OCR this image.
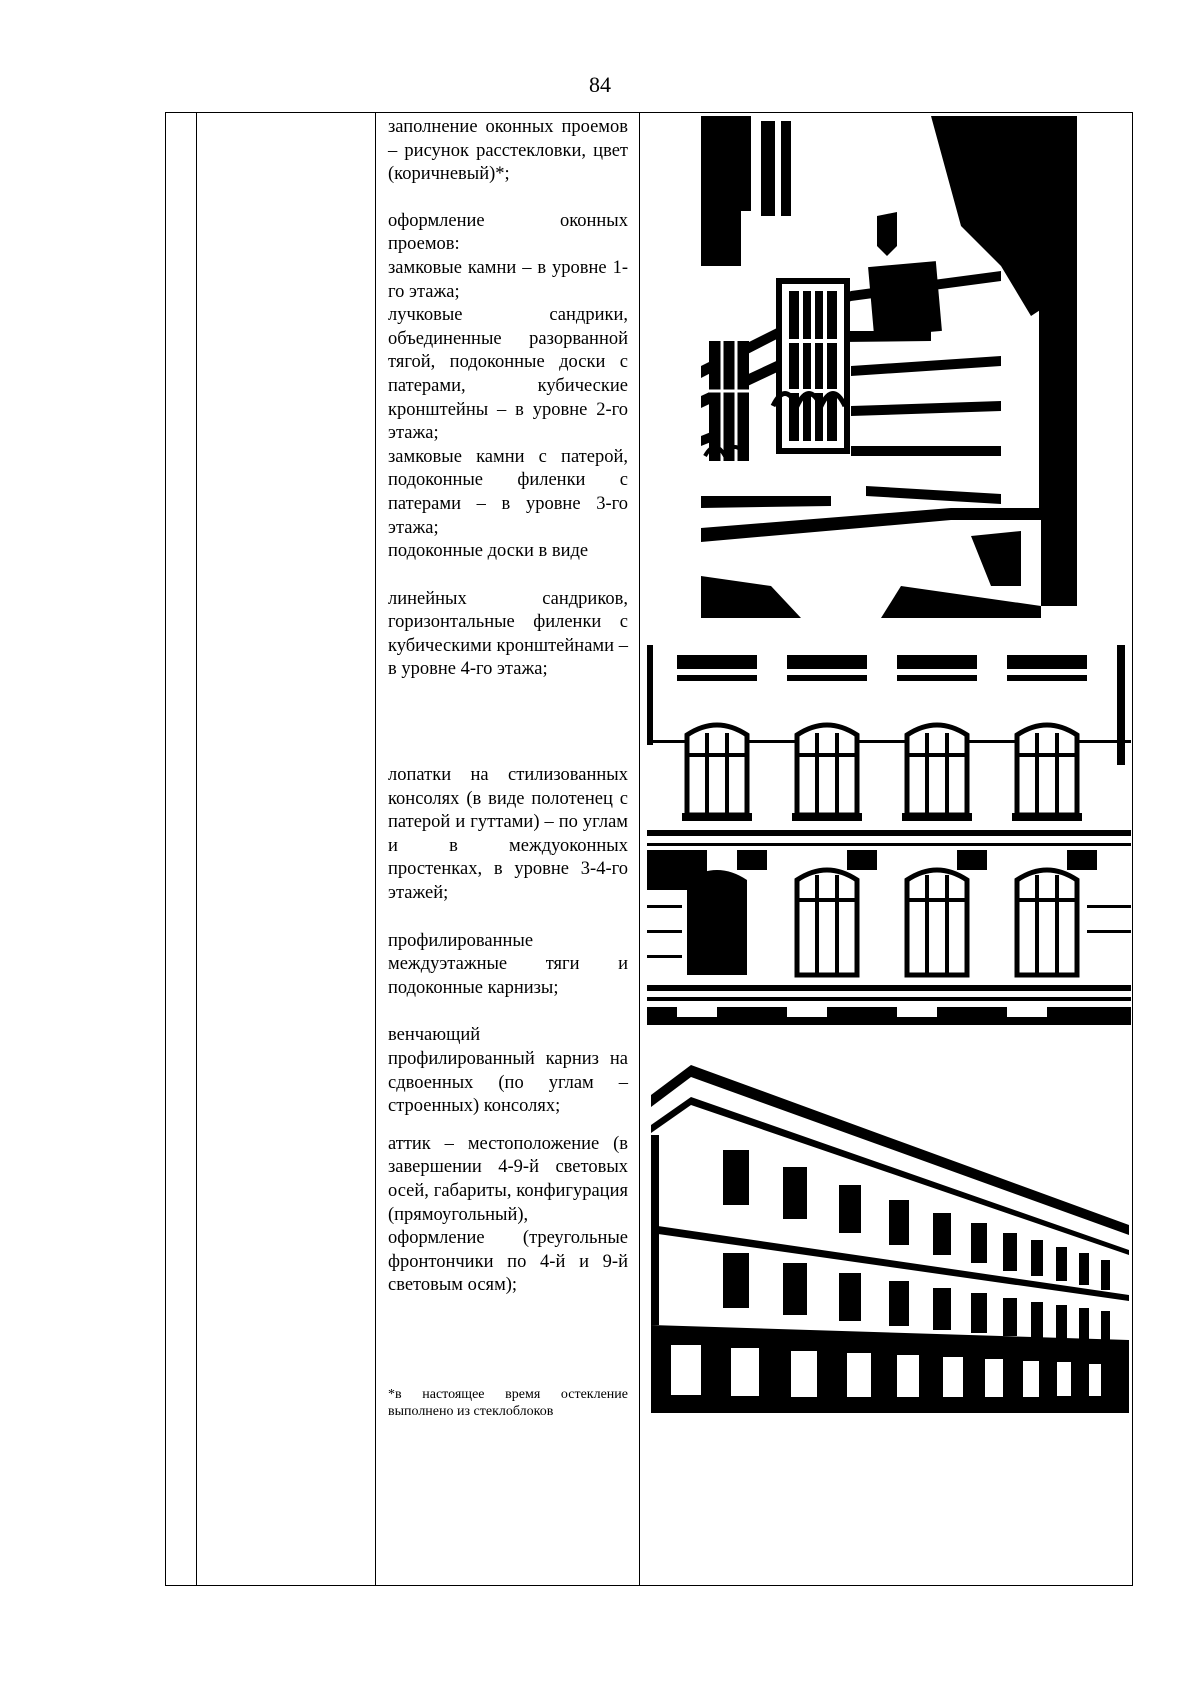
84

заполнение оконных проемов – рисунок расстекловки, цвет (коричневый)*;

оформление оконных проемов:

замковые камни – в уровне 1-го этажа;

лучковые сандрики, объединенные разорванной тягой, подоконные доски с патерами, кубические кронштейны – в уровне 2-го этажа;

замковые камни с патерой, подоконные филенки с патерами – в уровне 3-го этажа;

подоконные доски в виде

линейных сандриков, горизонтальные филенки с кубическими кронштейнами – в уровне 4-го этажа;

лопатки на стилизованных консолях (в виде полотенец с патерой и гуттами) – по углам и в междуоконных простенках, в уровне 3-4-го этажей;

профилированные междуэтажные тяги и подоконные карнизы;

венчающий профилированный карниз на сдвоенных (по углам – строенных) консолях;

аттик – местоположение (в завершении 4-9-й световых осей, габариты, конфигурация (прямоугольный), оформление (треугольные фронтончики по 4-й и 9-й световым осям);

*в настоящее время остекление выполнено из стеклоблоков
